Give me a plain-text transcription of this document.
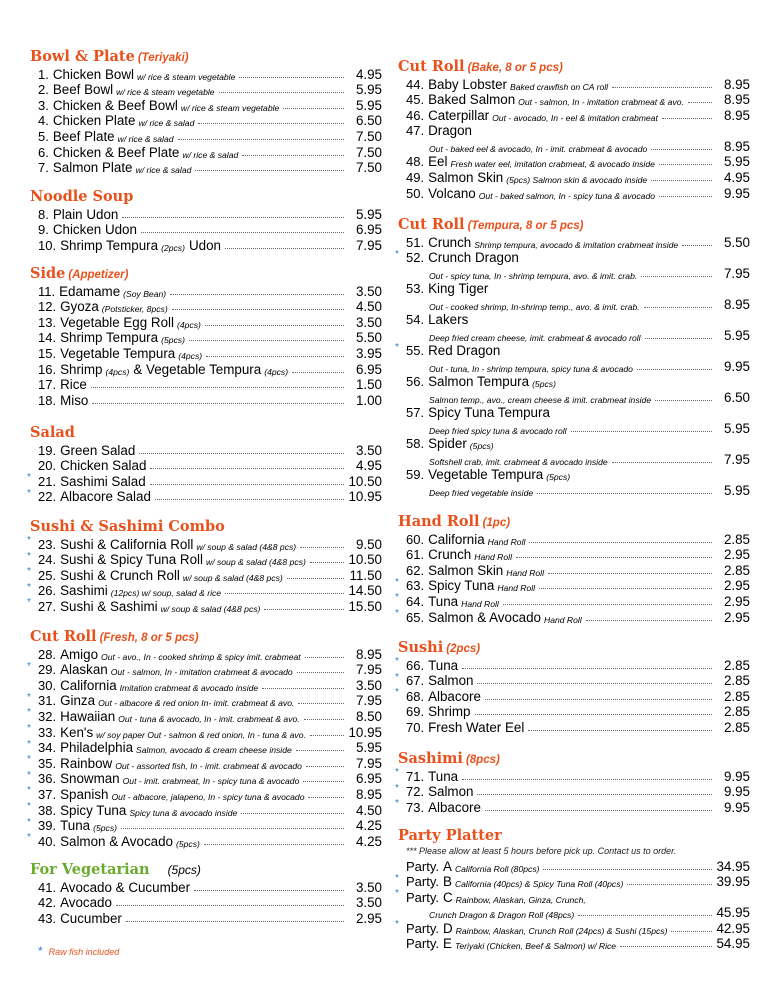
Bowl & Plate (Teriyaki)
1. Chicken Bowl w/ rice & steam vegetable	4.95
2. Beef Bowl w/ rice & steam vegetable	5.95
3. Chicken & Beef Bowl w/ rice & steam vegetable	5.95
4. Chicken Plate w/ rice & salad	6.50
5. Beef Plate w/ rice & salad	7.50
6. Chicken & Beef Plate w/ rice & salad	7.50
7. Salmon Plate w/ rice & salad	7.50
Noodle Soup
8. Plain Udon	5.95
9. Chicken Udon	6.95
10. Shrimp Tempura (2pcs) Udon	7.95
Side (Appetizer)
11. Edamame (Soy Bean)	3.50
12. Gyoza (Potsticker, 8pcs)	4.50
13. Vegetable Egg Roll (4pcs)	3.50
14. Shrimp Tempura (5pcs)	5.50
15. Vegetable Tempura (4pcs)	3.95
16. Shrimp (4pcs) & Vegetable Tempura (4pcs)	6.95
17. Rice	1.50
18. Miso	1.00
Salad
19. Green Salad	3.50
20. Chicken Salad	4.95
* 21. Sashimi Salad	10.50
* 22. Albacore Salad	10.95
Sushi & Sashimi Combo
* 23. Sushi & California Roll w/ soup & salad (4&8 pcs)	9.50
* 24. Sushi & Spicy Tuna Roll w/ soup & salad (4&8 pcs)	10.50
* 25. Sushi & Crunch Roll w/ soup & salad (4&8 pcs)	11.50
* 26. Sashimi (12pcs) w/ soup, salad & rice	14.50
* 27. Sushi & Sashimi w/ soup & salad (4&8 pcs)	15.50
Cut Roll (Fresh, 8 or 5 pcs)
28. Amigo Out - avo., In - cooked shrimp & spicy imit. crabmeat	8.95
* 29. Alaskan Out - salmon, In - imitation crabmeat & avocado	7.95
30. California Imitation crabmeat & avocado inside	3.50
* 31. Ginza Out - albacore & red onion In- imit. crabmeat & avo.	7.95
* 32. Hawaiian Out - tuna & avocado, In - imit. crabmeat & avo.	8.50
* 33. Ken's w/ soy paper Out - salmon & red onion, In - tuna & avo.	10.95
* 34. Philadelphia Salmon, avocado & cream cheese inside	5.95
* 35. Rainbow Out - assorted fish, In - imit. crabmeat & avocado	7.95
* 36. Snowman Out - imit. crabmeat, In - spicy tuna & avocado	6.95
* 37. Spanish Out - albacore, jalapeno, In - spicy tuna & avocado	8.95
* 38. Spicy Tuna Spicy tuna & avocado inside	4.50
* 39. Tuna (5pcs)	4.25
* 40. Salmon & Avocado (5pcs)	4.25
For Vegetarian (5pcs)
41. Avocado & Cucumber	3.50
42. Avocado	3.50
43. Cucumber	2.95
Cut Roll (Bake, 8 or 5 pcs)
44. Baby Lobster Baked crawfish on CA roll	8.95
45. Baked Salmon Out - salmon, In - imitation crabmeat & avo.	8.95
46. Caterpillar Out - avocado, In - eel & imitation crabmeat	8.95
47. Dragon
Out - baked eel & avocado, In - imit. crabmeat & avocado	8.95
48. Eel Fresh water eel, imitation crabmeat, & avocado inside	5.95
49. Salmon Skin (5pcs) Salmon skin & avocado inside	4.95
50. Volcano Out - baked salmon, In - spicy tuna & avocado	9.95
Cut Roll (Tempura, 8 or 5 pcs)
51. Crunch Shrimp tempura, avocado & imitation crabmeat inside	5.50
* 52. Crunch Dragon
Out - spicy tuna, In - shrimp tempura, avo. & imit. crab.	7.95
53. King Tiger
Out - cooked shrimp, In-shrimp temp., avo. & imit. crab.	8.95
54. Lakers
Deep fried cream cheese, imit. crabmeat & avocado roll	5.95
* 55. Red Dragon
Out - tuna, In - shrimp tempura, spicy tuna & avocado	9.95
56. Salmon Tempura (5pcs)
Salmon temp., avo., cream cheese & imit. crabmeat inside	6.50
57. Spicy Tuna Tempura
Deep fried spicy tuna & avocado roll	5.95
58. Spider (5pcs)
Softshell crab, imit. crabmeat & avocado inside	7.95
59. Vegetable Tempura (5pcs)
Deep fried vegetable inside	5.95
Hand Roll (1pc)
60. California Hand Roll	2.85
61. Crunch Hand Roll	2.95
62. Salmon Skin Hand Roll	2.85
* 63. Spicy Tuna Hand Roll	2.95
* 64. Tuna Hand Roll	2.95
* 65. Salmon & Avocado Hand Roll	2.95
Sushi (2pcs)
* 66. Tuna	2.85
* 67. Salmon	2.85
* 68. Albacore	2.85
69. Shrimp	2.85
70. Fresh Water Eel	2.85
Sashimi (8pcs)
* 71. Tuna	9.95
* 72. Salmon	9.95
* 73. Albacore	9.95
Party Platter
*** Please allow at least 5 hours before pick up. Contact us to order.
Party. A California Roll (80pcs)	34.95
* Party. B California (40pcs) & Spicy Tuna Roll (40pcs)	39.95
* Party. C Rainbow, Alaskan, Ginza, Crunch,
Crunch Dragon & Dragon Roll (48pcs)	45.95
* Party. D Rainbow, Alaskan, Crunch Roll (24pcs) & Sushi (15pcs)	42.95
Party. E Teriyaki (Chicken, Beef & Salmon) w/ Rice	54.95
* Raw fish included
